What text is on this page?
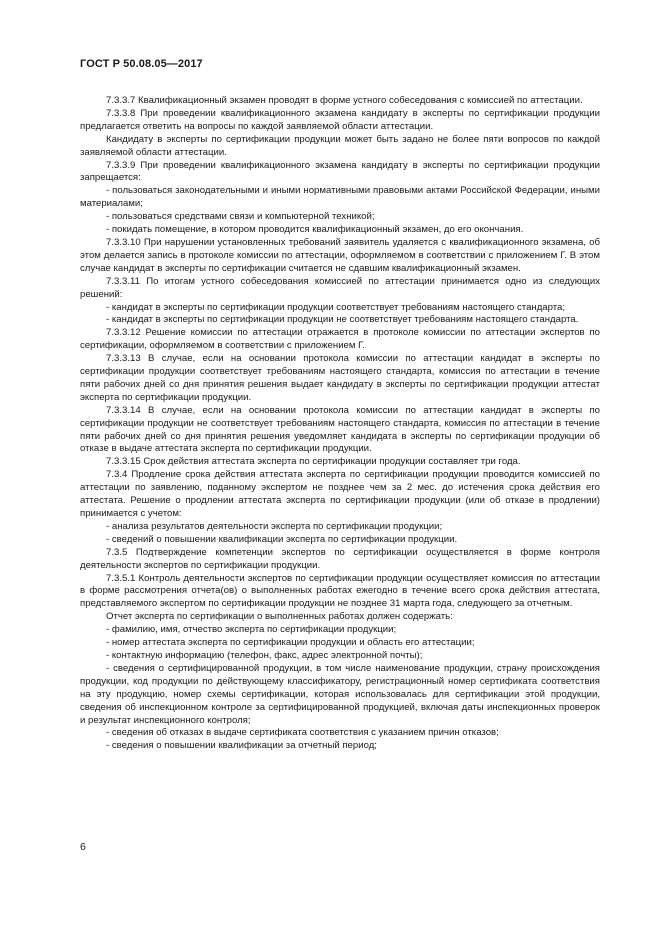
ГОСТ Р 50.08.05—2017

7.3.3.7 Квалификационный экзамен проводят в форме устного собеседования с комиссией по аттестации.

7.3.3.8 При проведении квалификационного экзамена кандидату в эксперты по сертификации продукции предлагается ответить на вопросы по каждой заявляемой области аттестации.

Кандидату в эксперты по сертификации продукции может быть задано не более пяти вопросов по каждой заявляемой области аттестации.

7.3.3.9 При проведении квалификационного экзамена кандидату в эксперты по сертификации продукции запрещается:

- пользоваться законодательными и иными нормативными правовыми актами Российской Федерации, иными материалами;

- пользоваться средствами связи и компьютерной техникой;

- покидать помещение, в котором проводится квалификационный экзамен, до его окончания.

7.3.3.10 При нарушении установленных требований заявитель удаляется с квалификационного экзамена, об этом делается запись в протоколе комиссии по аттестации, оформляемом в соответствии с приложением Г. В этом случае кандидат в эксперты по сертификации считается не сдавшим квалификационный экзамен.

7.3.3.11 По итогам устного собеседования комиссией по аттестации принимается одно из следующих решений:

- кандидат в эксперты по сертификации продукции соответствует требованиям настоящего стандарта;

- кандидат в эксперты по сертификации продукции не соответствует требованиям настоящего стандарта.

7.3.3.12 Решение комиссии по аттестации отражается в протоколе комиссии по аттестации экспертов по сертификации, оформляемом в соответствии с приложением Г.

7.3.3.13 В случае, если на основании протокола комиссии по аттестации кандидат в эксперты по сертификации продукции соответствует требованиям настоящего стандарта, комиссия по аттестации в течение пяти рабочих дней со дня принятия решения выдает кандидату в эксперты по сертификации продукции аттестат эксперта по сертификации продукции.

7.3.3.14 В случае, если на основании протокола комиссии по аттестации кандидат в эксперты по сертификации продукции не соответствует требованиям настоящего стандарта, комиссия по аттестации в течение пяти рабочих дней со дня принятия решения уведомляет кандидата в эксперты по сертификации продукции об отказе в выдаче аттестата эксперта по сертификации продукции.

7.3.3.15 Срок действия аттестата эксперта по сертификации продукции составляет три года.

7.3.4 Продление срока действия аттестата эксперта по сертификации продукции проводится комиссией по аттестации по заявлению, поданному экспертом не позднее чем за 2 мес. до истечения срока действия его аттестата. Решение о продлении аттестата эксперта по сертификации продукции (или об отказе в продлении) принимается с учетом:

- анализа результатов деятельности эксперта по сертификации продукции;

- сведений о повышении квалификации эксперта по сертификации продукции.

7.3.5 Подтверждение компетенции экспертов по сертификации осуществляется в форме контроля деятельности экспертов по сертификации продукции.

7.3.5.1 Контроль деятельности экспертов по сертификации продукции осуществляет комиссия по аттестации в форме рассмотрения отчета(ов) о выполненных работах ежегодно в течение всего срока действия аттестата, представляемого экспертом по сертификации продукции не позднее 31 марта года, следующего за отчетным.

Отчет эксперта по сертификации о выполненных работах должен содержать:

- фамилию, имя, отчество эксперта по сертификации продукции;

- номер аттестата эксперта по сертификации продукции и область его аттестации;

- контактную информацию (телефон, факс, адрес электронной почты);

- сведения о сертифицированной продукции, в том числе наименование продукции, страну происхождения продукции, код продукции по действующему классификатору, регистрационный номер сертификата соответствия на эту продукцию, номер схемы сертификации, которая использовалась для сертификации этой продукции, сведения об инспекционном контроле за сертифицированной продукцией, включая даты инспекционных проверок и результат инспекционного контроля;

- сведения об отказах в выдаче сертификата соответствия с указанием причин отказов;

- сведения о повышении квалификации за отчетный период;

6
